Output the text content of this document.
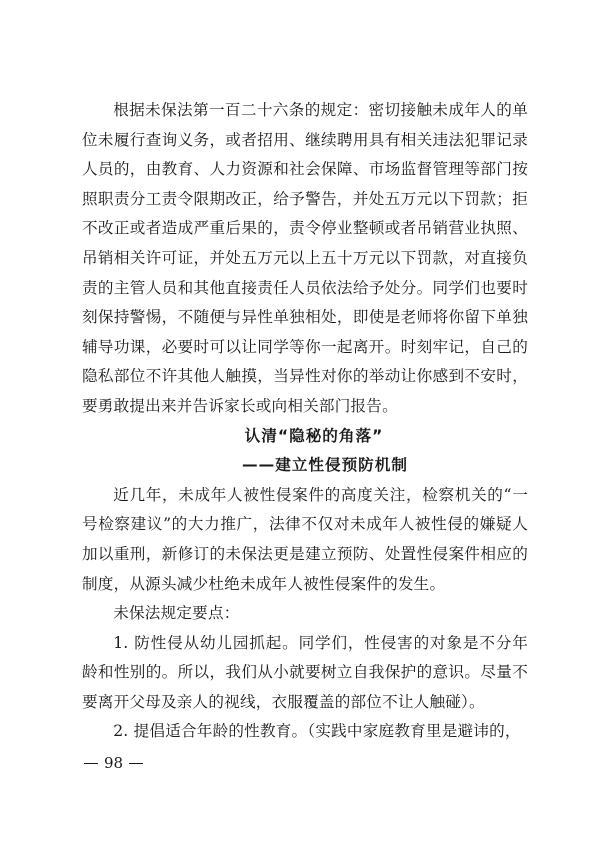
根据未保法第一百二十六条的规定：密切接触未成年人的单位未履行查询义务，或者招用、继续聘用具有相关违法犯罪记录人员的，由教育、人力资源和社会保障、市场监督管理等部门按照职责分工责令限期改正，给予警告，并处五万元以下罚款；拒不改正或者造成严重后果的，责令停业整顿或者吊销营业执照、吊销相关许可证，并处五万元以上五十万元以下罚款，对直接负责的主管人员和其他直接责任人员依法给予处分。同学们也要时刻保持警惕，不随便与异性单独相处，即使是老师将你留下单独辅导功课，必要时可以让同学等你一起离开。时刻牢记，自己的隐私部位不许其他人触摸，当异性对你的举动让你感到不安时，要勇敢提出来并告诉家长或向相关部门报告。

认清“隐秘的角落”

——建立性侵预防机制

近几年，未成年人被性侵案件的高度关注，检察机关的“一号检察建议”的大力推广，法律不仅对未成年人被性侵的嫌疑人加以重刑，新修订的未保法更是建立预防、处置性侵案件相应的制度，从源头减少杜绝未成年人被性侵案件的发生。

未保法规定要点：

1. 防性侵从幼儿园抓起。同学们，性侵害的对象是不分年龄和性别的。所以，我们从小就要树立自我保护的意识。尽量不要离开父母及亲人的视线，衣服覆盖的部位不让人触碰）。

2. 提倡适合年龄的性教育。（实践中家庭教育里是避讳的，

98
